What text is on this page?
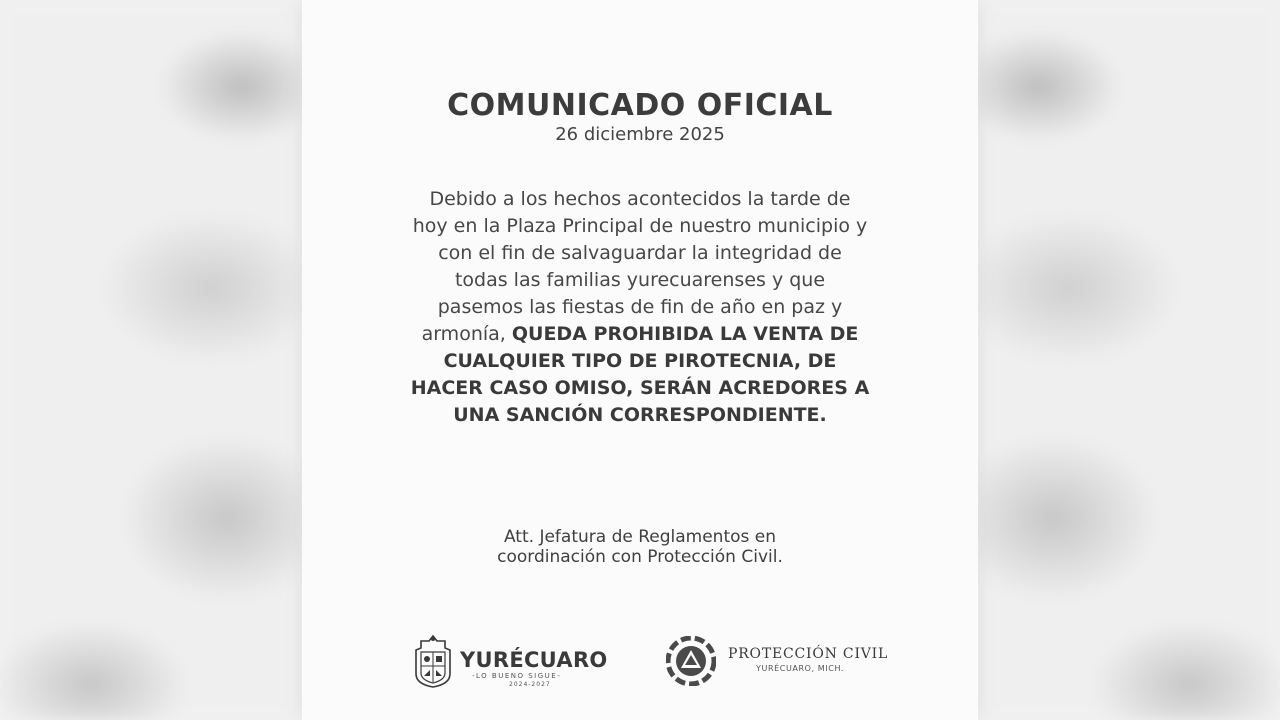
COMUNICADO OFICIAL
26 diciembre 2025
Debido a los hechos acontecidos la tarde de hoy en la Plaza Principal de nuestro municipio y con el fin de salvaguardar la integridad de todas las familias yurecuarenses y que pasemos las fiestas de fin de año en paz y armonía, QUEDA PROHIBIDA LA VENTA DE CUALQUIER TIPO DE PIROTECNIA, DE HACER CASO OMISO, SERÁN ACREDORES A UNA SANCIÓN CORRESPONDIENTE.
Att. Jefatura de Reglamentos en
coordinación con Protección Civil.
YURÉCUARO
-LO BUENO SIGUE-
2024-2027
PROTECCIÓN CIVIL
YURÉCUARO, MICH.
